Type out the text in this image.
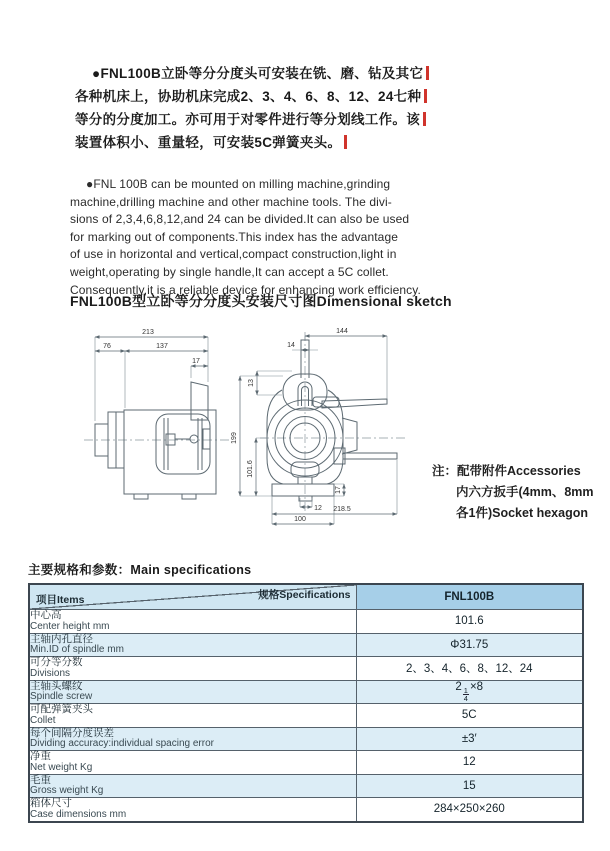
●FNL100B立卧等分分度头可安装在铣、磨、钻及其它
各种机床上，协助机床完成2、3、4、6、8、12、24七种
等分的分度加工。亦可用于对零件进行等分划线工作。该
装置体积小、重量轻，可安装5C弹簧夹头。
●FNL 100B can be mounted on milling machine,grinding
machine,drilling machine and other machine tools. The divi-
sions of 2,3,4,6,8,12,and 24 can be divided.It can also be used
for marking out of components.This index has the advantage
of use in horizontal and vertical,compact construction,light in
weight,operating by single handle,It can accept a 5C collet.
Consequently,it is a reliable device for enhancing work efficiency.
FNL100B型立卧等分分度头安装尺寸图Dimensional sketch
213
76	137
17
144
14
13
199
101.6
17
12 218.5
100
注：配带附件Accessories
内六方扳手(4mm、8mm
各1件)Socket hexagon
主要规格和参数：Main specifications
项目Items 规格Specifications	FNL100B

中心高
Center height mm	101.6

主轴内孔直径
Min.ID of spindle mm	Φ31.75

可分等分数
Divisions	2、3、4、6、8、12、24

主轴头螺纹
Spindle screw
	$2 \frac{1}{4} \times 8$

可配弹簧夹头
Collet	5C

每个间隔分度误差
Dividing accuracy:individual spacing error	±3′

净重
Net weight Kg	12

毛重
Gross weight Kg	15

箱体尺寸
Case dimensions mm	284×250×260
